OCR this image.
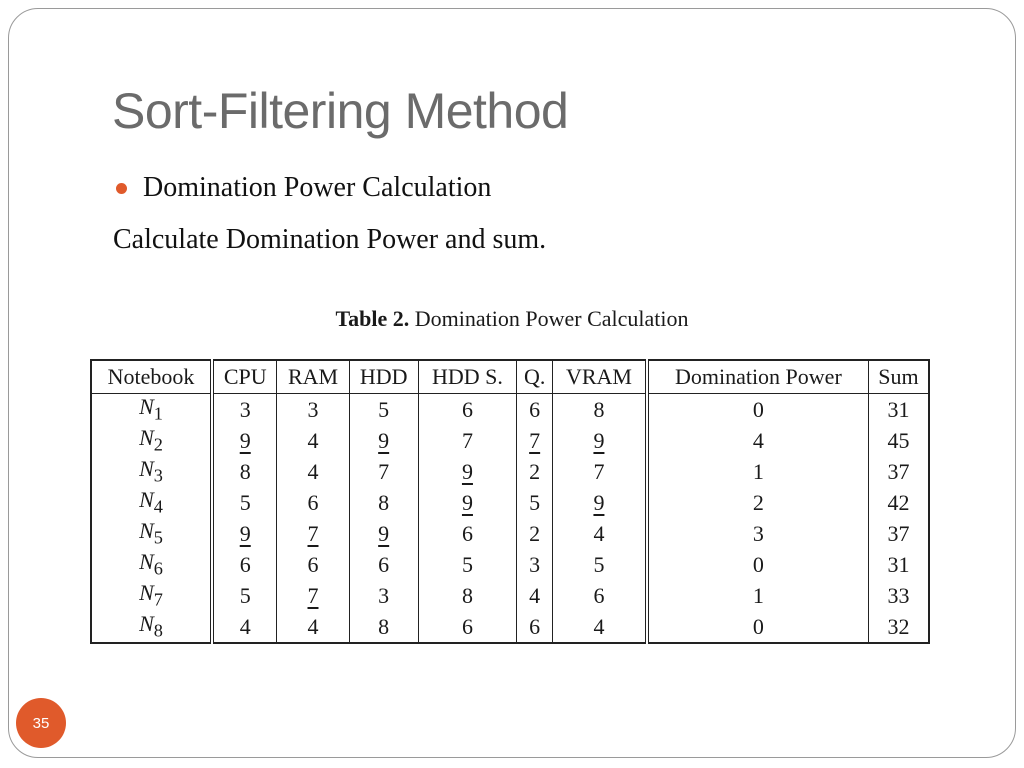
Sort-Filtering Method
Domination Power Calculation
Calculate Domination Power and sum.
Table 2. Domination Power Calculation
Notebook	CPU	RAM	HDD	HDD S.	Q.	VRAM	Domination Power	Sum
$N_1$	3	3	5	6	6	8	0	31
$N_2$	9	4	9	7	7	9	4	45
$N_3$	8	4	7	9	2	7	1	37
$N_4$	5	6	8	9	5	9	2	42
$N_5$	9	7	9	6	2	4	3	37
$N_6$	6	6	6	5	3	5	0	31
$N_7$	5	7	3	8	4	6	1	33
$N_8$	4	4	8	6	6	4	0	32
35
